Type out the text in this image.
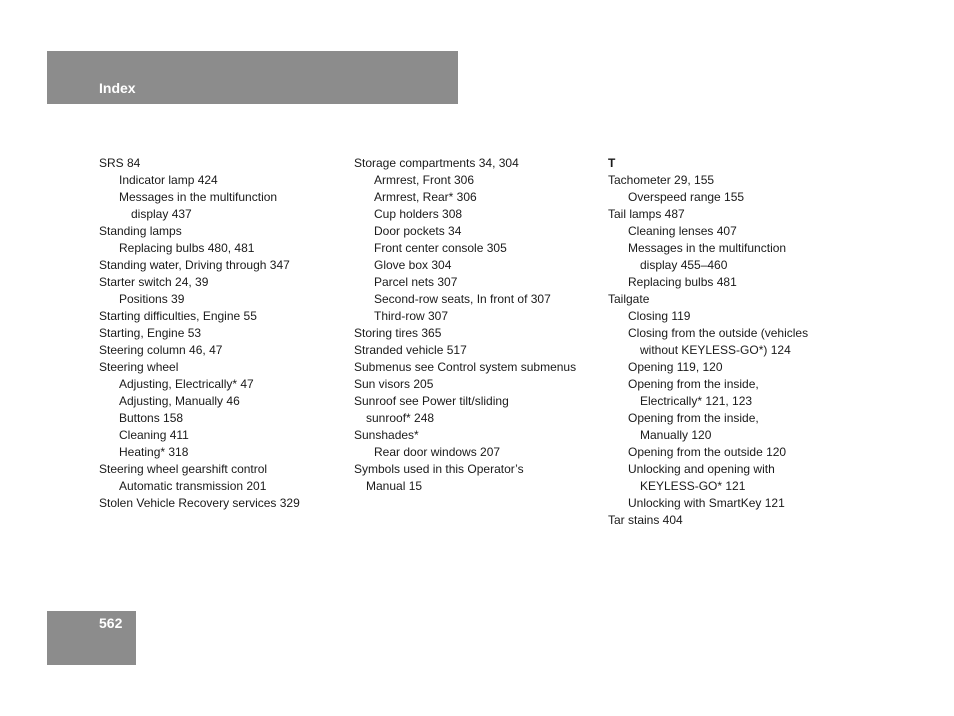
Index
SRS 84
Indicator lamp 424
Messages in the multifunction
display 437
Standing lamps
Replacing bulbs 480, 481
Standing water, Driving through 347
Starter switch 24, 39
Positions 39
Starting difficulties, Engine 55
Starting, Engine 53
Steering column 46, 47
Steering wheel
Adjusting, Electrically* 47
Adjusting, Manually 46
Buttons 158
Cleaning 411
Heating* 318
Steering wheel gearshift control
Automatic transmission 201
Stolen Vehicle Recovery services 329
Storage compartments 34, 304
Armrest, Front 306
Armrest, Rear* 306
Cup holders 308
Door pockets 34
Front center console 305
Glove box 304
Parcel nets 307
Second-row seats, In front of 307
Third-row 307
Storing tires 365
Stranded vehicle 517
Submenus see Control system submenus
Sun visors 205
Sunroof see Power tilt/sliding
sunroof* 248
Sunshades*
Rear door windows 207
Symbols used in this Operator’s
Manual 15
T
Tachometer 29, 155
Overspeed range 155
Tail lamps 487
Cleaning lenses 407
Messages in the multifunction
display 455–460
Replacing bulbs 481
Tailgate
Closing 119
Closing from the outside (vehicles
without KEYLESS-GO*) 124
Opening 119, 120
Opening from the inside,
Electrically* 121, 123
Opening from the inside,
Manually 120
Opening from the outside 120
Unlocking and opening with
KEYLESS-GO* 121
Unlocking with SmartKey 121
Tar stains 404
562
